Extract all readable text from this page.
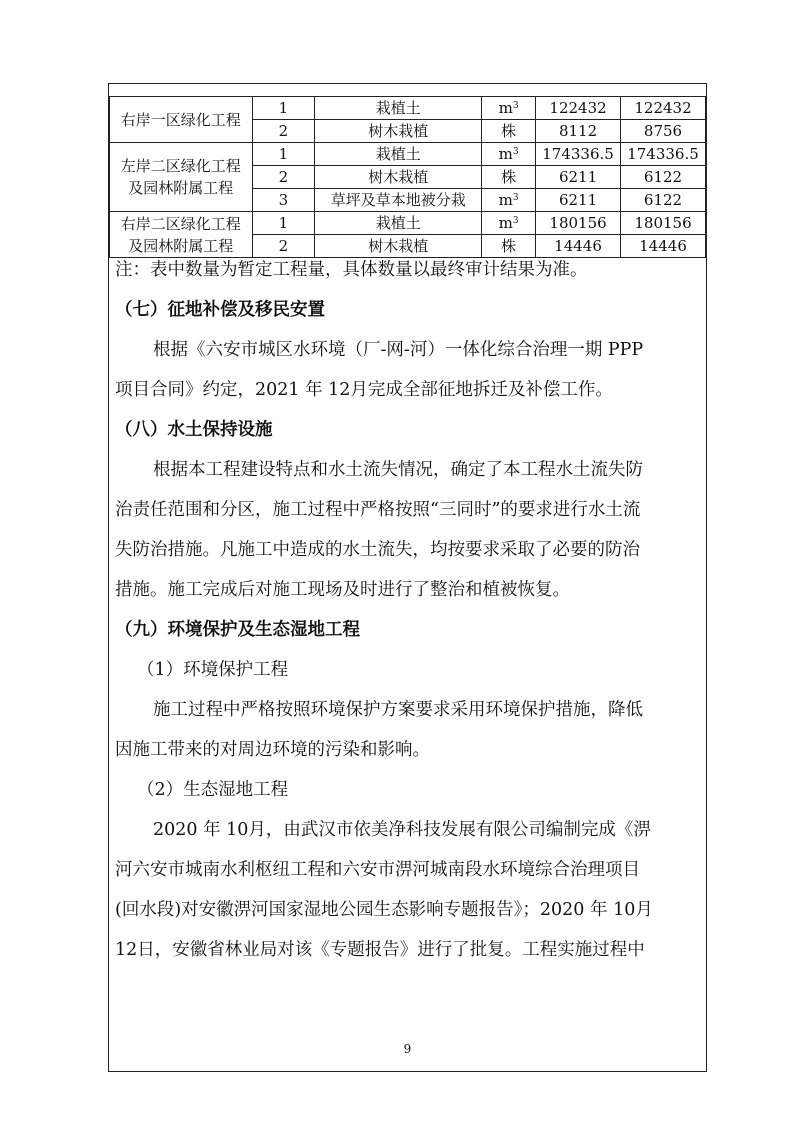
右岸一区绿化工程	1	栽植土	$m^3$	122432	122432
	2	树木栽植	株	8112	8756
左岸二区绿化工程
及园林附属工程	1	栽植土	$m^3$	174336.5	174336.5
	2	树木栽植	株	6211	6122
	3	草坪及草本地被分栽	$m^3$	6211	6122
右岸二区绿化工程
及园林附属工程	1	栽植土	$m^3$	180156	180156
	2	树木栽植	株	14446	14446
注：表中数量为暂定工程量，具体数量以最终审计结果为准。
（七）征地补偿及移民安置
根据《六安市城区水环境（厂-网-河）一体化综合治理一期 PPP
项目合同》约定，2021 年 12月完成全部征地拆迁及补偿工作。
（八）水土保持设施
根据本工程建设特点和水土流失情况，确定了本工程水土流失防
治责任范围和分区，施工过程中严格按照“三同时”的要求进行水土流
失防治措施。凡施工中造成的水土流失，均按要求采取了必要的防治
措施。施工完成后对施工现场及时进行了整治和植被恢复。
（九）环境保护及生态湿地工程
（1）环境保护工程
施工过程中严格按照环境保护方案要求采用环境保护措施，降低
因施工带来的对周边环境的污染和影响。
（2）生态湿地工程
2020 年 10月，由武汉市依美净科技发展有限公司编制完成《淠
河六安市城南水利枢纽工程和六安市淠河城南段水环境综合治理项目
(回水段)对安徽淠河国家湿地公园生态影响专题报告》；2020 年 10月
12日，安徽省林业局对该《专题报告》进行了批复。工程实施过程中
9
